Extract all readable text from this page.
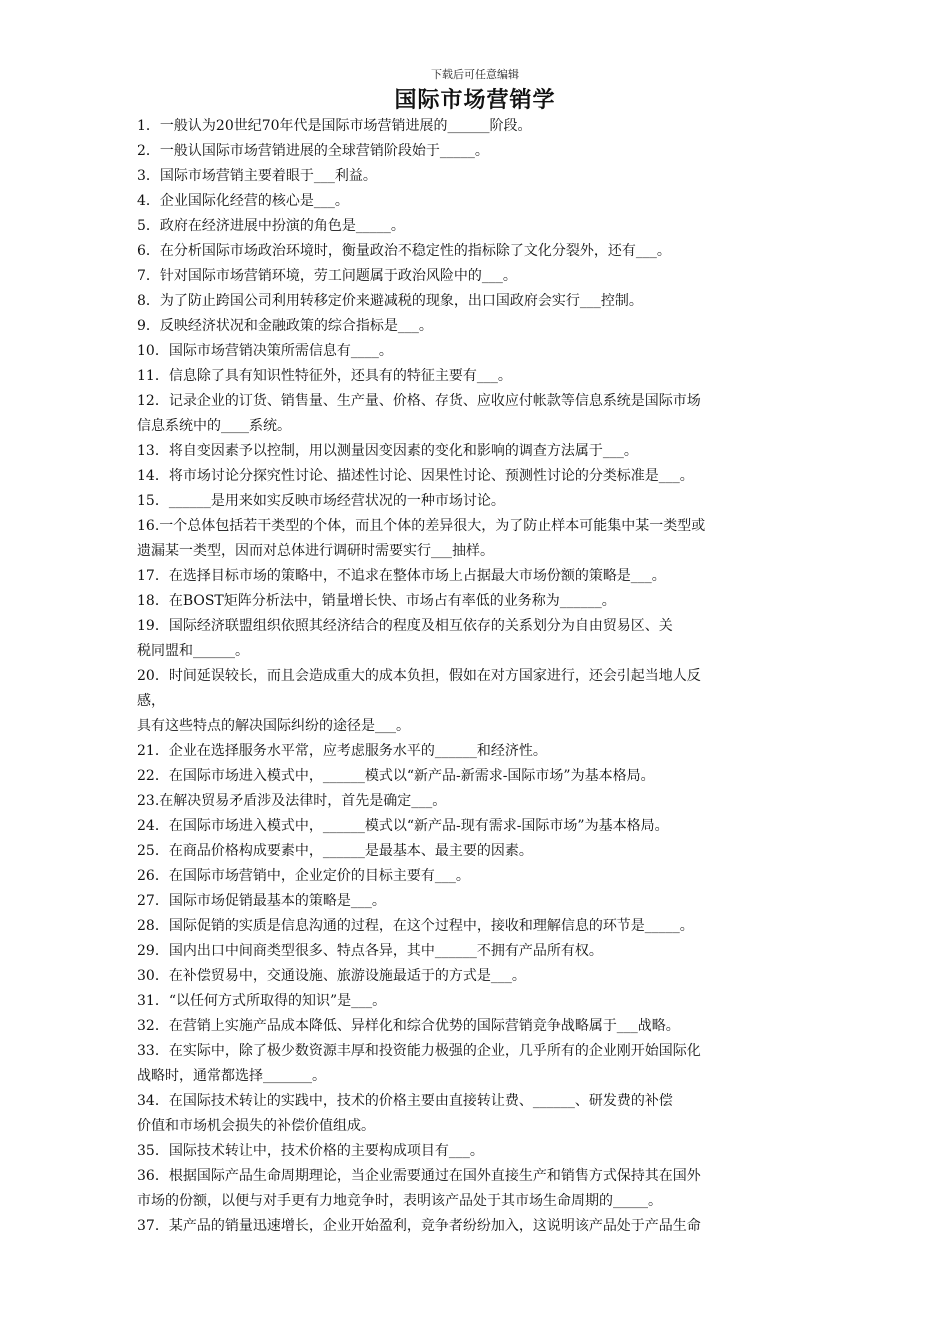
下载后可任意编辑
国际市场营销学
1．一般认为20世纪70年代是国际市场营销进展的______阶段。
2．一般认国际市场营销进展的全球营销阶段始于_____。
3．国际市场营销主要着眼于___利益。
4．企业国际化经营的核心是___。
5．政府在经济进展中扮演的角色是_____。
6．在分析国际市场政治环境时，衡量政治不稳定性的指标除了文化分裂外，还有___。
7．针对国际市场营销环境，劳工问题属于政治风险中的___。
8．为了防止跨国公司利用转移定价来避减税的现象，出口国政府会实行___控制。
9．反映经济状况和金融政策的综合指标是___。
10．国际市场营销决策所需信息有____。
11．信息除了具有知识性特征外，还具有的特征主要有___。
12．记录企业的订货、销售量、生产量、价格、存货、应收应付帐款等信息系统是国际市场
信息系统中的____系统。
13．将自变因素予以控制，用以测量因变因素的变化和影响的调查方法属于___。
14．将市场讨论分探究性讨论、描述性讨论、因果性讨论、预测性讨论的分类标准是___。
15．______是用来如实反映市场经营状况的一种市场讨论。
16.一个总体包括若干类型的个体，而且个体的差异很大，为了防止样本可能集中某一类型或
遗漏某一类型，因而对总体进行调研时需要实行___抽样。
17．在选择目标市场的策略中，不追求在整体市场上占据最大市场份额的策略是___。
18．在BOST矩阵分析法中，销量增长快、市场占有率低的业务称为______。
19．国际经济联盟组织依照其经济结合的程度及相互依存的关系划分为自由贸易区、关
税同盟和______。
20．时间延误较长，而且会造成重大的成本负担，假如在对方国家进行，还会引起当地人反
感，
具有这些特点的解决国际纠纷的途径是___。
21．企业在选择服务水平常，应考虑服务水平的______和经济性。
22．在国际市场进入模式中，______模式以“新产品-新需求-国际市场”为基本格局。
23.在解决贸易矛盾涉及法律时，首先是确定___。
24．在国际市场进入模式中，______模式以“新产品-现有需求-国际市场”为基本格局。
25．在商品价格构成要素中，______是最基本、最主要的因素。
26．在国际市场营销中，企业定价的目标主要有___。
27．国际市场促销最基本的策略是___。
28．国际促销的实质是信息沟通的过程，在这个过程中，接收和理解信息的环节是_____。
29．国内出口中间商类型很多、特点各异，其中______不拥有产品所有权。
30．在补偿贸易中，交通设施、旅游设施最适于的方式是___。
31．“以任何方式所取得的知识”是___。
32．在营销上实施产品成本降低、异样化和综合优势的国际营销竞争战略属于___战略。
33．在实际中，除了极少数资源丰厚和投资能力极强的企业，几乎所有的企业刚开始国际化
战略时，通常都选择_______。
34．在国际技术转让的实践中，技术的价格主要由直接转让费、______、研发费的补偿
价值和市场机会损失的补偿价值组成。
35．国际技术转让中，技术价格的主要构成项目有___。
36．根据国际产品生命周期理论，当企业需要通过在国外直接生产和销售方式保持其在国外
市场的份额，以便与对手更有力地竞争时，表明该产品处于其市场生命周期的_____。
37．某产品的销量迅速增长，企业开始盈利，竞争者纷纷加入，这说明该产品处于产品生命
